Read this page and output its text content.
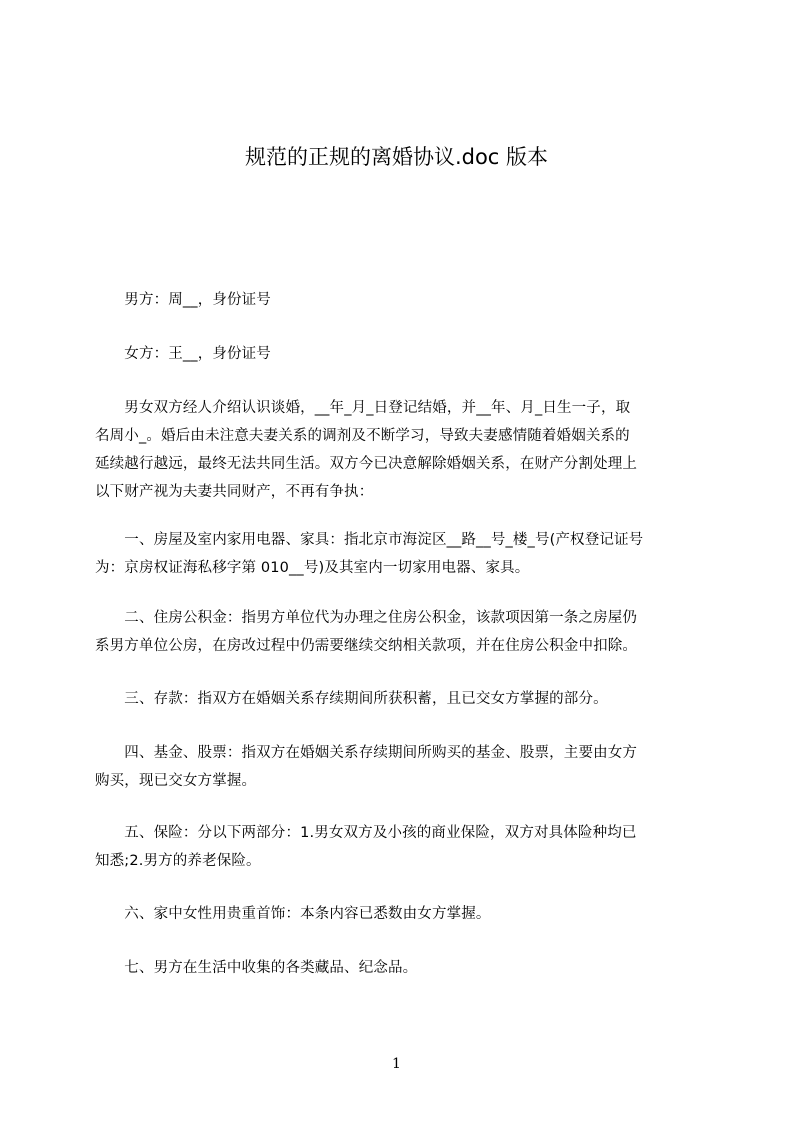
规范的正规的离婚协议.doc 版本
　　男方：周__，身份证号
　　女方：王__，身份证号
　　男女双方经人介绍认识谈婚，__年_月_日登记结婚，并__年、月_日生一子，取
名周小_。婚后由未注意夫妻关系的调剂及不断学习，导致夫妻感情随着婚姻关系的
延续越行越远，最终无法共同生活。双方今已决意解除婚姻关系，在财产分割处理上
以下财产视为夫妻共同财产，不再有争执：
　　一、房屋及室内家用电器、家具：指北京市海淀区__路__号_楼_号(产权登记证号
为：京房权证海私移字第 010__号)及其室内一切家用电器、家具。
　　二、住房公积金：指男方单位代为办理之住房公积金，该款项因第一条之房屋仍
系男方单位公房，在房改过程中仍需要继续交纳相关款项，并在住房公积金中扣除。
　　三、存款：指双方在婚姻关系存续期间所获积蓄，且已交女方掌握的部分。
　　四、基金、股票：指双方在婚姻关系存续期间所购买的基金、股票，主要由女方
购买，现已交女方掌握。
　　五、保险：分以下两部分：1.男女双方及小孩的商业保险，双方对具体险种均已
知悉;2.男方的养老保险。
　　六、家中女性用贵重首饰：本条内容已悉数由女方掌握。
　　七、男方在生活中收集的各类藏品、纪念品。
1
